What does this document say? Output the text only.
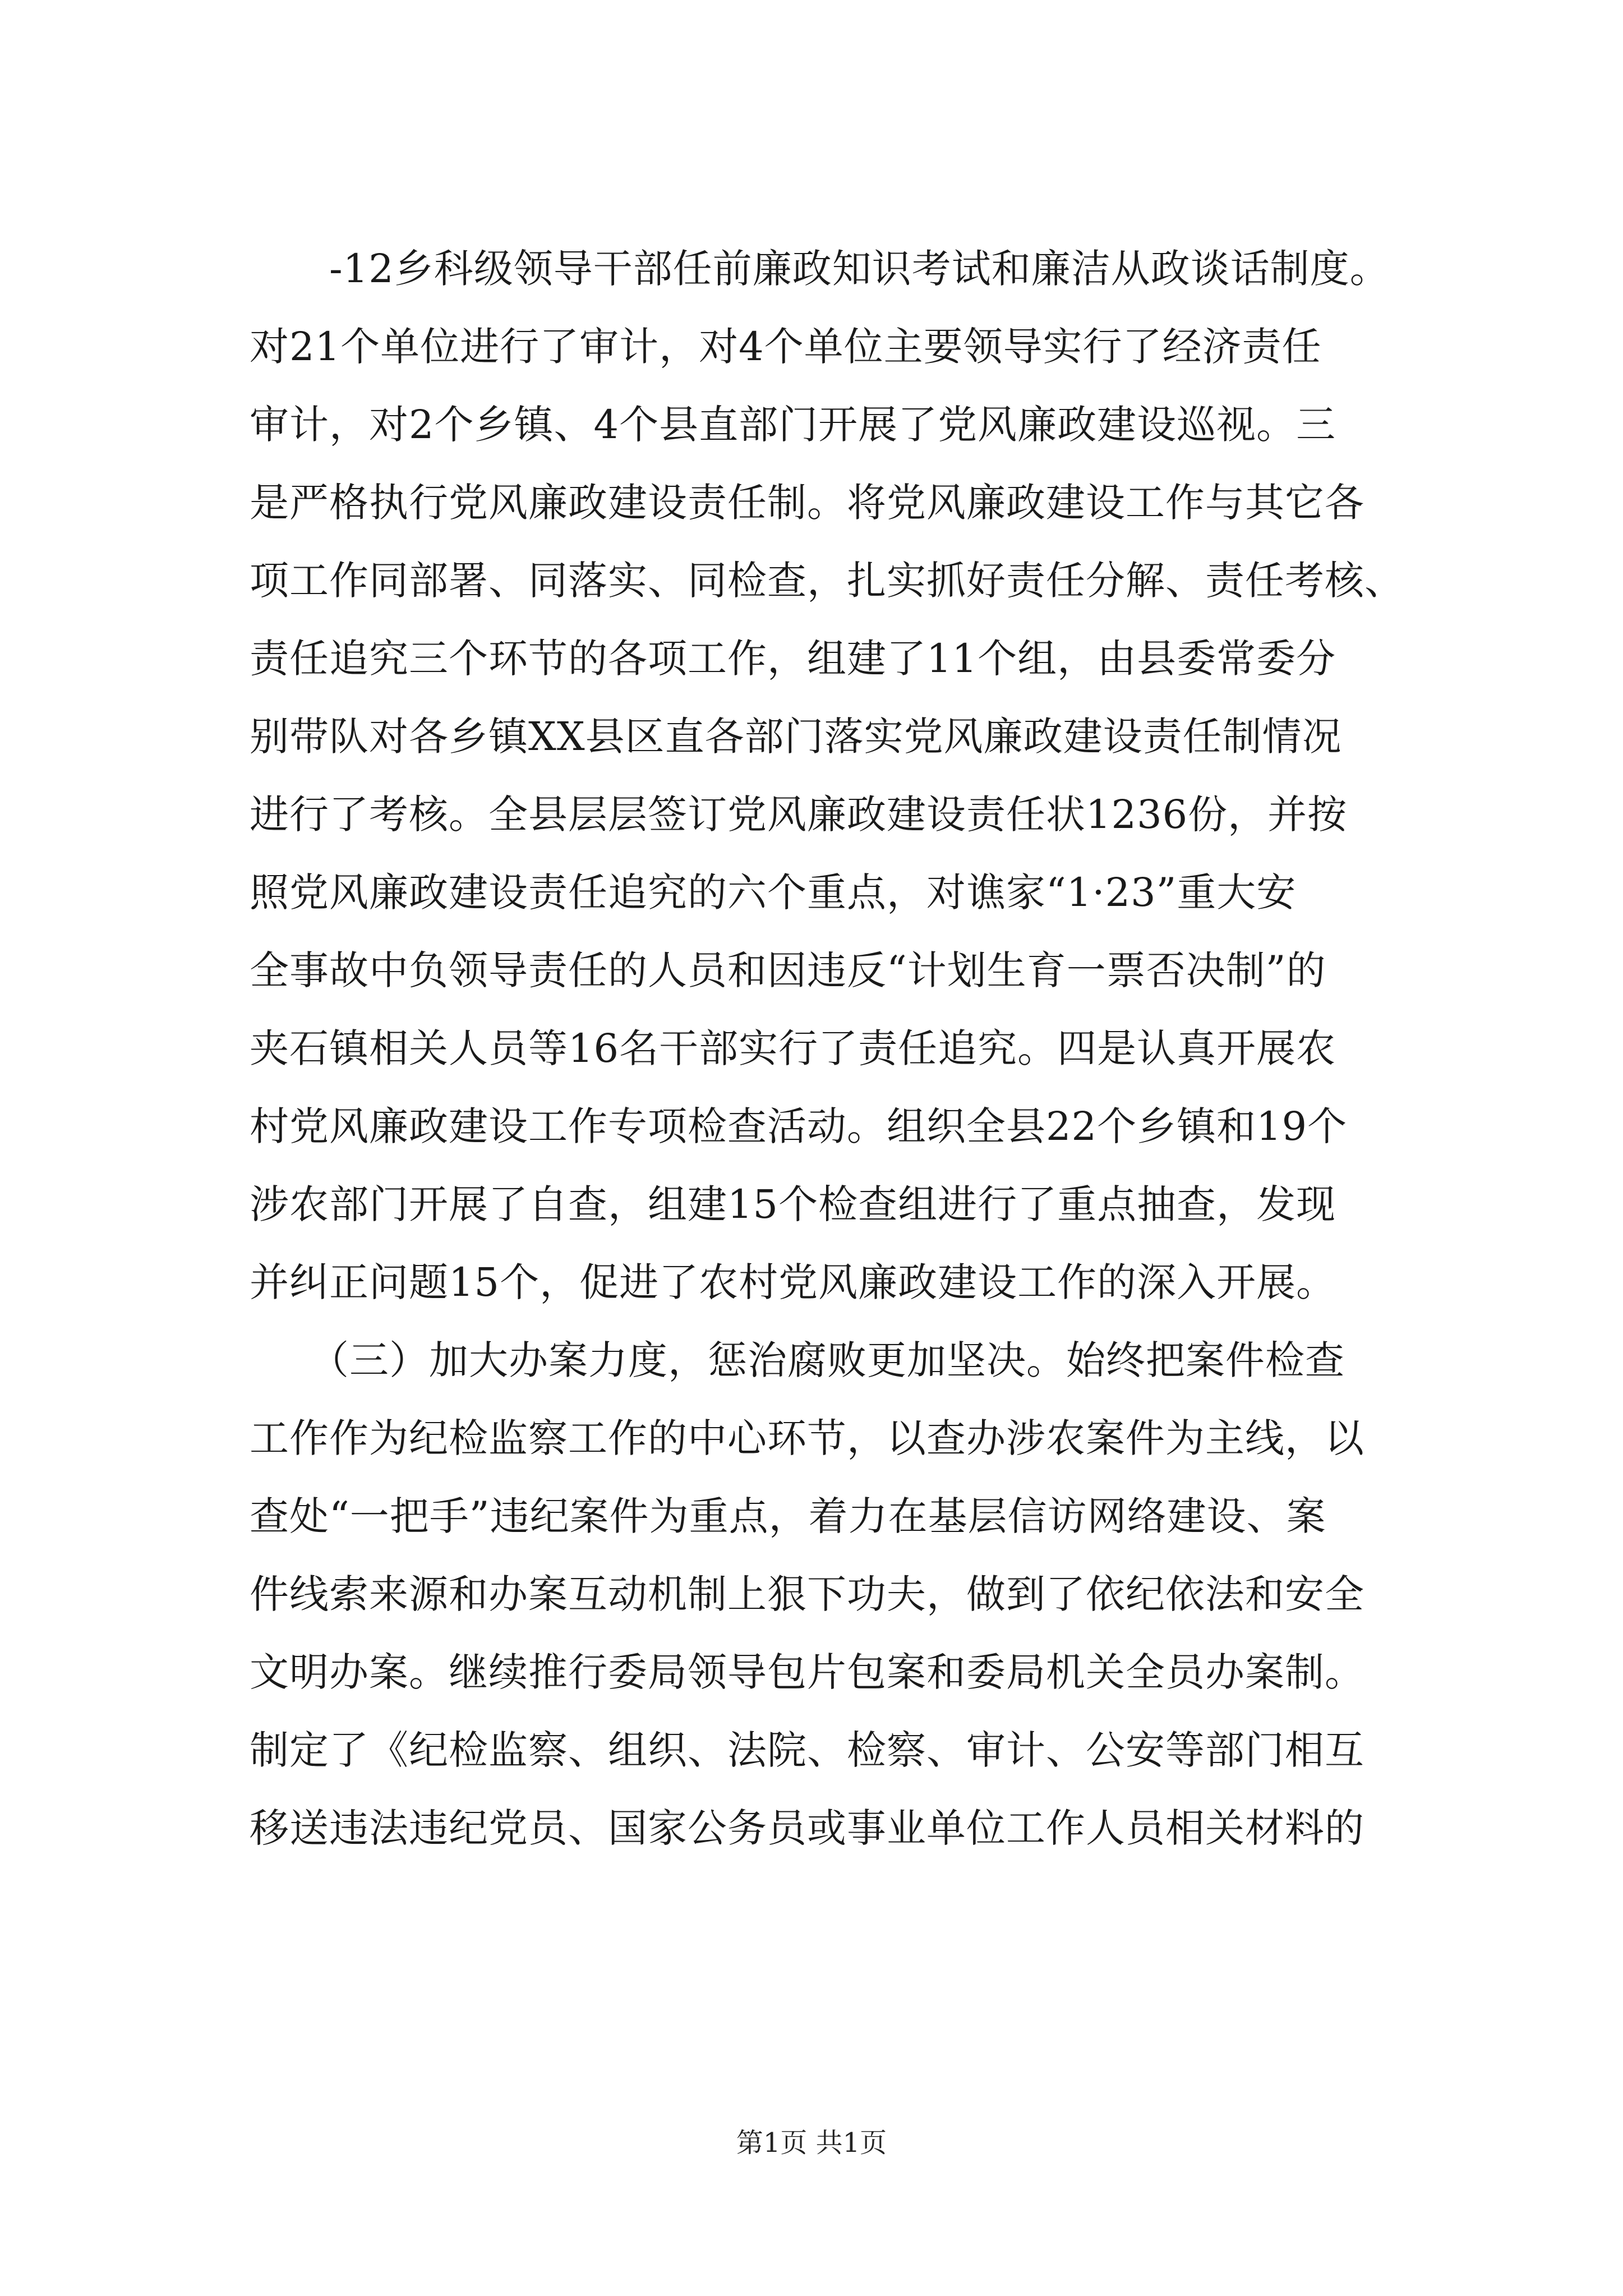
　　-12乡科级领导干部任前廉政知识考试和廉洁从政谈话制度。
对21个单位进行了审计，对4个单位主要领导实行了经济责任
审计，对2个乡镇、4个县直部门开展了党风廉政建设巡视。三
是严格执行党风廉政建设责任制。将党风廉政建设工作与其它各
项工作同部署、同落实、同检查，扎实抓好责任分解、责任考核、
责任追究三个环节的各项工作，组建了11个组，由县委常委分
别带队对各乡镇XX县区直各部门落实党风廉政建设责任制情况
进行了考核。全县层层签订党风廉政建设责任状1236份，并按
照党风廉政建设责任追究的六个重点，对谯家“1·23”重大安
全事故中负领导责任的人员和因违反“计划生育一票否决制”的
夹石镇相关人员等16名干部实行了责任追究。四是认真开展农
村党风廉政建设工作专项检查活动。组织全县22个乡镇和19个
涉农部门开展了自查，组建15个检查组进行了重点抽查，发现
并纠正问题15个，促进了农村党风廉政建设工作的深入开展。
　　（三）加大办案力度，惩治腐败更加坚决。始终把案件检查
工作作为纪检监察工作的中心环节，以查办涉农案件为主线，以
查处“一把手”违纪案件为重点，着力在基层信访网络建设、案
件线索来源和办案互动机制上狠下功夫，做到了依纪依法和安全
文明办案。继续推行委局领导包片包案和委局机关全员办案制。
制定了《纪检监察、组织、法院、检察、审计、公安等部门相互
移送违法违纪党员、国家公务员或事业单位工作人员相关材料的
第1页 共1页
